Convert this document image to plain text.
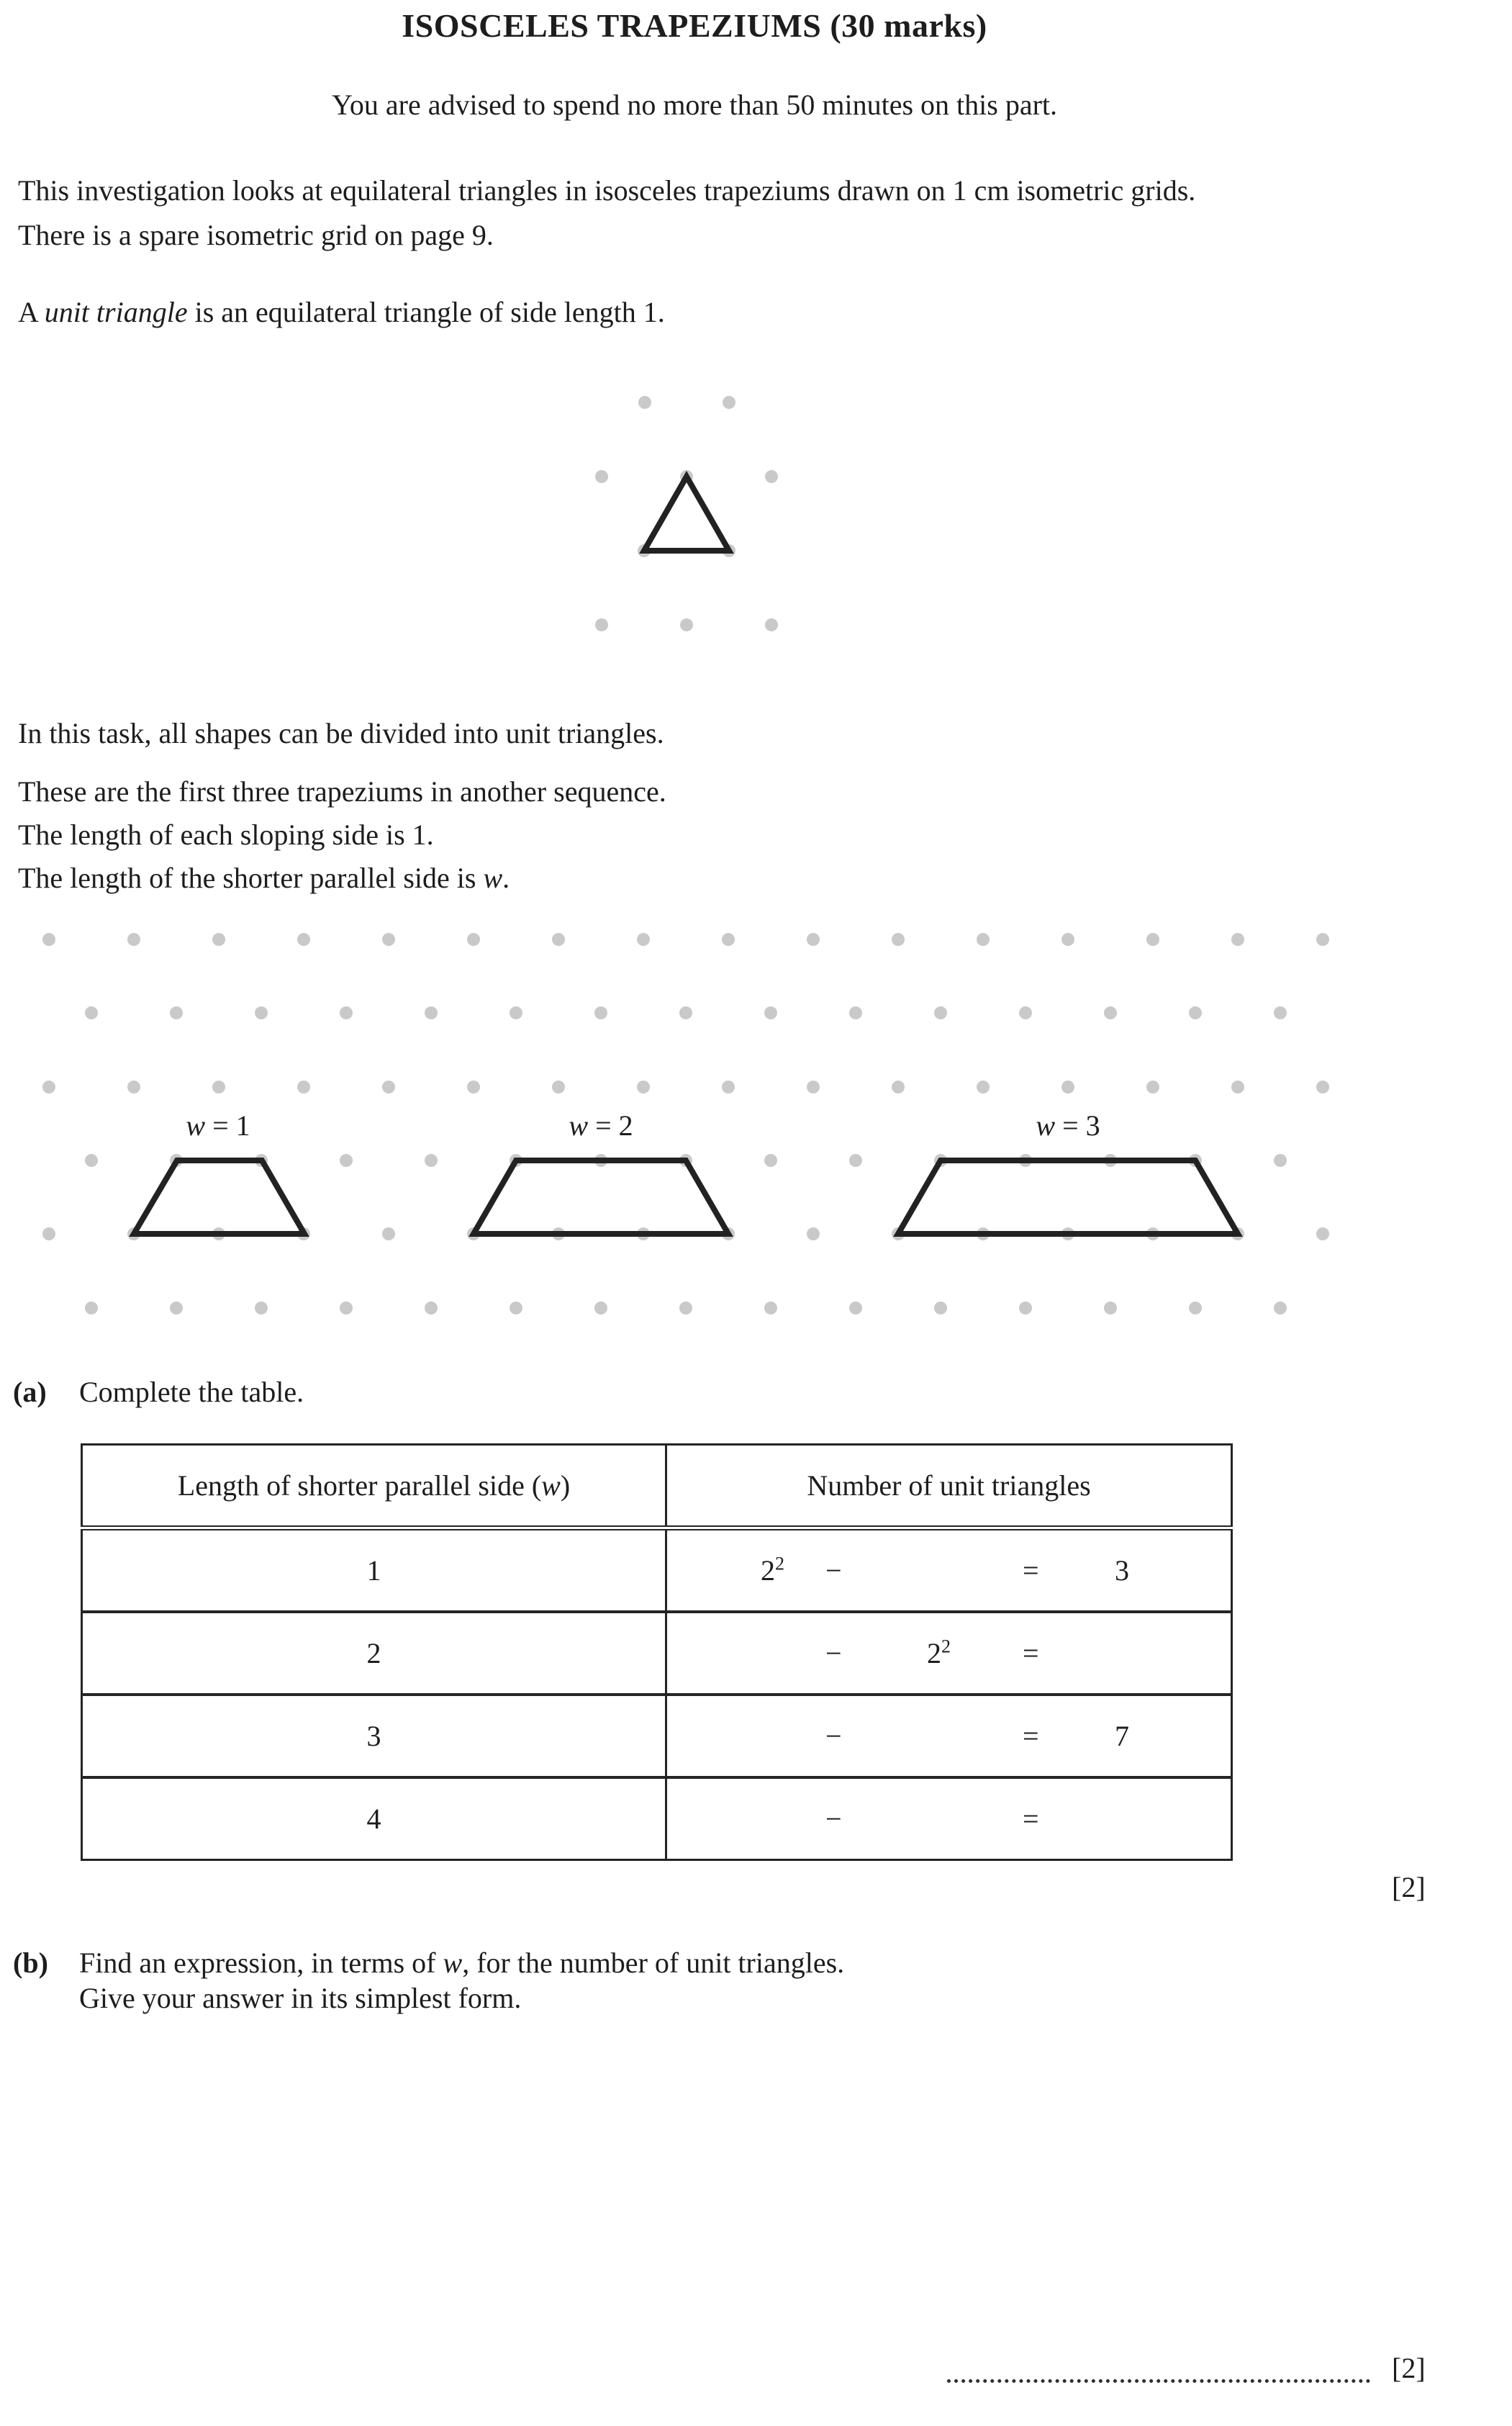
ISOSCELES TRAPEZIUMS (30 marks)
You are advised to spend no more than 50 minutes on this part.
This investigation looks at equilateral triangles in isosceles trapeziums drawn on 1 cm isometric grids.
There is a spare isometric grid on page 9.
A unit triangle is an equilateral triangle of side length 1.
In this task, all shapes can be divided into unit triangles.
These are the first three trapeziums in another sequence.
The length of each sloping side is 1.
The length of the shorter parallel side is w.
w = 1	w = 2	w = 3
(a) Complete the table.
Length of shorter parallel side (w)	Number of unit triangles
1	$2^2$ − = 3

2	− $2^2$ =

3	− = 7

4	− =
[2]
(b) Find an expression, in terms of w, for the number of unit triangles.
Give your answer in its simplest form.
[2]
